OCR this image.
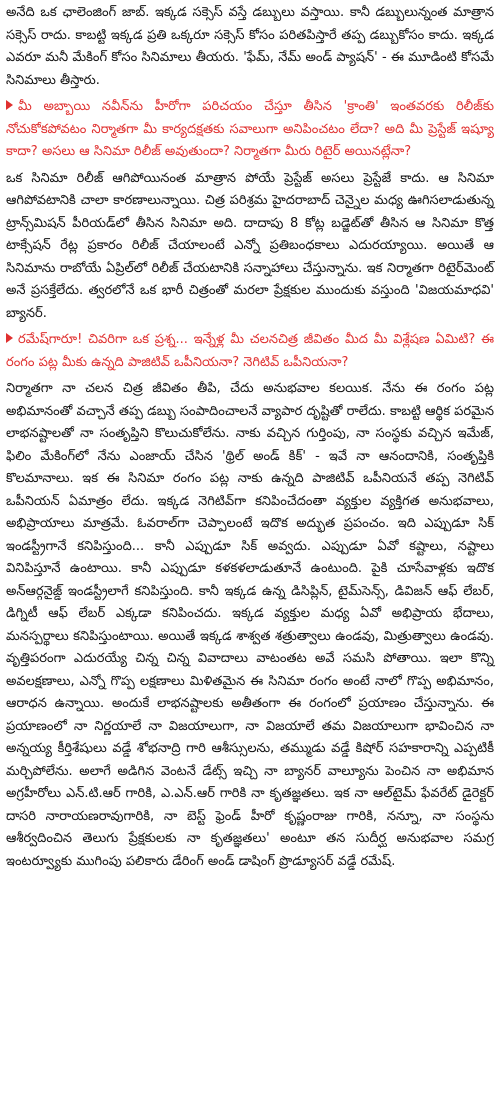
అనేది ఒక ఛాలెంజింగ్ జాబ్. ఇక్కడ సక్సెస్ వస్తే డబ్బులు వస్తాయి. కానీ డబ్బులున్నంత మాత్రాన సక్సెస్ రాదు. కాబట్టి ఇక్కడ ప్రతి ఒక్కరూ సక్సెస్ కోసం పరితపిస్తారే తప్ప డబ్బుకోసం కాదు. ఇక్కడ ఎవరూ మనీ మేకింగ్ కోసం సినిమాలు తీయరు. 'ఫేమ్, నేమ్ అండ్ ప్యాషన్' - ఈ మూడింటి కోసమే సినిమాలు తీస్తారు.

మీ అబ్బాయి నవీన్‌ను హీరోగా పరిచయం చేస్తూ తీసిన 'క్రాంతి' ఇంతవరకు రిలీజ్‌కు నోచుకోకపోవటం నిర్మాతగా మీ కార్యదక్షతకు సవాలుగా అనిపించటం లేదా? అది మీ ప్రెస్టేజ్ ఇష్యూ కాదా? అసలు ఆ సినిమా రిలీజ్ అవుతుందా? నిర్మాతగా మీరు రిటైర్ అయినట్లేనా?

ఒక సినిమా రిలీజ్ ఆగిపోయినంత మాత్రాన పోయే ప్రెస్టేజ్ అసలు ప్రెస్టేజే కాదు. ఆ సినిమా ఆగిపోవటానికి చాలా కారణాలున్నాయి. చిత్ర పరిశ్రమ హైదరాబాద్ చెన్నైల మధ్య ఊగిసలాడుతున్న ట్రాన్స్‌మిషన్ పీరియడ్‌లో తీసిన సినిమా అది. దాదాపు 8 కోట్ల బడ్జెట్‌తో తీసిన ఆ సినిమా కొత్త టాక్సేషన్ రేట్ల ప్రకారం రిలీజ్ చేయాలంటే ఎన్నో ప్రతిబంధకాలు ఎదురయ్యాయి. అయితే ఆ సినిమాను రాబోయే ఏప్రిల్‌లో రిలీజ్ చేయటానికి సన్నాహాలు చేస్తున్నాను. ఇక నిర్మాతగా రిటైర్‌మెంట్ అనే ప్రసక్తేలేదు. త్వరలోనే ఒక భారీ చిత్రంతో మరలా ప్రేక్షకుల ముందుకు వస్తుంది 'విజయమాధవి' బ్యానర్.

రమేష్‌గారూ! చివరిగా ఒక ప్రశ్న... ఇన్నేళ్ల మీ చలనచిత్ర జీవితం మీద మీ విశ్లేషణ ఏమిటి? ఈ రంగం పట్ల మీకు ఉన్నది పాజిటివ్ ఒపీనియనా? నెగిటివ్ ఒపీనియనా?

నిర్మాతగా నా చలన చిత్ర జీవితం తీపి, చేదు అనుభవాల కలయిక. నేను ఈ రంగం పట్ల అభిమానంతో వచ్చానే తప్ప డబ్బు సంపాదించాలనే వ్యాపార దృష్టితో రాలేదు. కాబట్టి ఆర్థిక పరమైన లాభనష్టాలతో నా సంతృప్తిని కొలుచుకోలేను. నాకు వచ్చిన గుర్తింపు, నా సంస్థకు వచ్చిన ఇమేజ్, ఫిలిం మేకింగ్‌లో నేను ఎంజాయ్ చేసిన 'థ్రిల్ అండ్ కిక్' - ఇవే నా ఆనందానికి, సంతృప్తికి కొలమానాలు. ఇక ఈ సినిమా రంగం పట్ల నాకు ఉన్నది పాజిటివ్ ఒపీనియనే తప్ప నెగిటివ్ ఒపీనియన్ ఏమాత్రం లేదు. ఇక్కడ నెగిటివ్‌గా కనిపించేదంతా వ్యక్తుల వ్యక్తిగత అనుభవాలు, అభిప్రాయాలు మాత్రమే. ఓవరాల్‌గా చెప్పాలంటే ఇదొక అద్భుత ప్రపంచం. ఇది ఎప్పుడూ సిక్ ఇండస్ట్రీగానే కనిపిస్తుంది... కానీ ఎప్పుడూ సిక్ అవ్వదు. ఎప్పుడూ ఏవో కష్టాలు, నష్టాలు వినిపిస్తూనే ఉంటాయి. కానీ ఎప్పుడూ కళకళలాడుతూనే ఉంటుంది. పైకి చూసేవాళ్లకు ఇదొక అన్‌ఆర్గనైజ్డ్ ఇండస్ట్రీలాగే కనిపిస్తుంది. కానీ ఇక్కడ ఉన్న డిసిప్లిన్, టైమ్‌సెన్స్, డివిజన్ ఆఫ్ లేబర్, డిగ్నిటీ ఆఫ్ లేబర్ ఎక్కడా కనిపించదు. ఇక్కడ వ్యక్తుల మధ్య ఏవో అభిప్రాయ భేదాలు, మనస్పర్థాలు కనిపిస్తుంటాయి. అయితే ఇక్కడ శాశ్వత శత్రుత్వాలు ఉండవు, మిత్రుత్వాలు ఉండవు. వృత్తిపరంగా ఎదురయ్యే చిన్న చిన్న వివాదాలు వాటంతట అవే సమసి పోతాయి. ఇలా కొన్ని అవలక్షణాలు, ఎన్నో గొప్ప లక్షణాలు మిళితమైన ఈ సినిమా రంగం అంటే నాలో గొప్ప అభిమానం, ఆరాధన ఉన్నాయి. అందుకే లాభనష్టాలకు అతీతంగా ఈ రంగంలో ప్రయాణం చేస్తున్నాను. ఈ ప్రయాణంలో నా నిర్ణయాలే నా విజయాలుగా, నా విజయాలే తమ విజయాలుగా భావించిన నా అన్నయ్య కీర్తిశేషులు వడ్డే శోభనాద్రి గారి ఆశీస్సులను, తమ్ముడు వడ్డే కిషోర్ సహకారాన్ని ఎప్పటికీ మర్చిపోలేను. అలాగే అడిగిన వెంటనే డేట్స్ ఇచ్చి నా బ్యానర్ వాల్యూను పెంచిన నా అభిమాన అగ్రహీరోలు ఎన్.టి.ఆర్ గారికి, ఎ.ఎన్.ఆర్ గారికి నా కృతజ్ఞతలు. ఇక నా ఆల్‌టైమ్ ఫేవరేట్ డైరెక్టర్ దాసరి నారాయణరావుగారికి, నా బెస్ట్ ఫ్రెండ్ హీరో కృష్ణంరాజు గారికి, నన్నూ, నా సంస్థను ఆశీర్వదించిన తెలుగు ప్రేక్షకులకు నా కృతజ్ఞతలు' అంటూ తన సుదీర్ఘ అనుభవాల సమగ్ర ఇంటర్వ్యూకు ముగింపు పలికారు డేరింగ్ అండ్ డాషింగ్ ప్రొడ్యూసర్ వడ్డే రమేష్.
